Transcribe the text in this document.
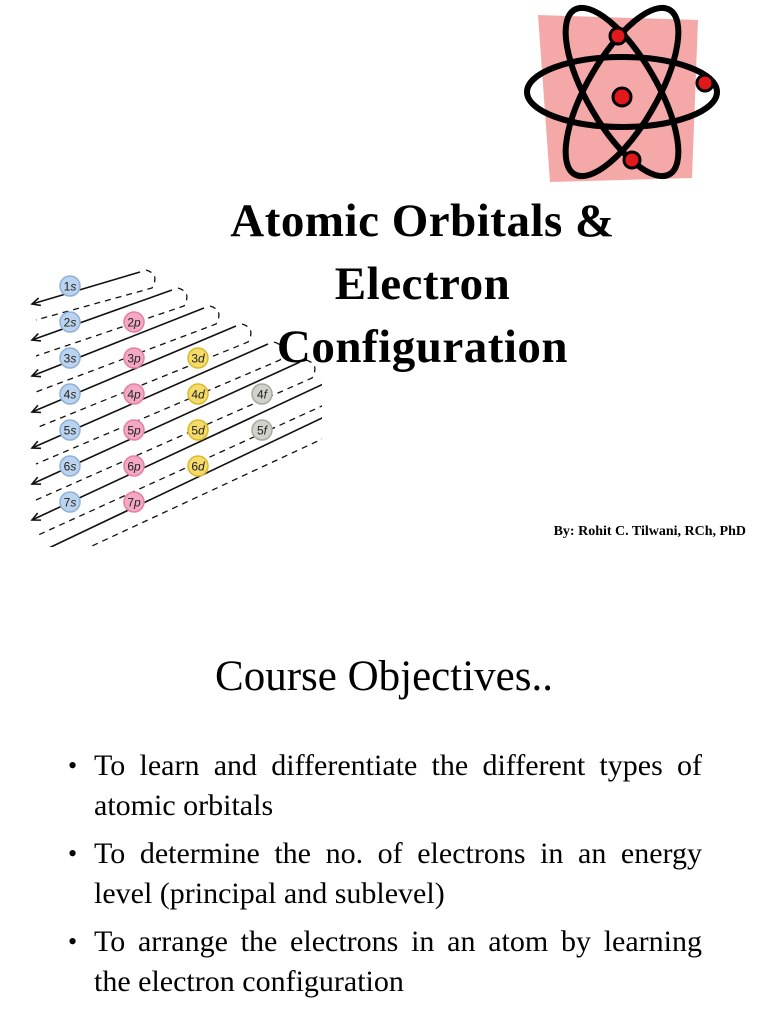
1s
2s	2p
3s	3p	3d
4s	4p	4d	4f
5s	5p	5d	5f
6s	6p	6d
7s	7p
Atomic Orbitals &
Electron
Configuration

By: Rohit C. Tilwani, RCh, PhD

Course Objectives..
• To learn and differentiate the different types of atomic orbitals
• To determine the no. of electrons in an energy level (principal and sublevel)
• To arrange the electrons in an atom by learning the electron configuration
